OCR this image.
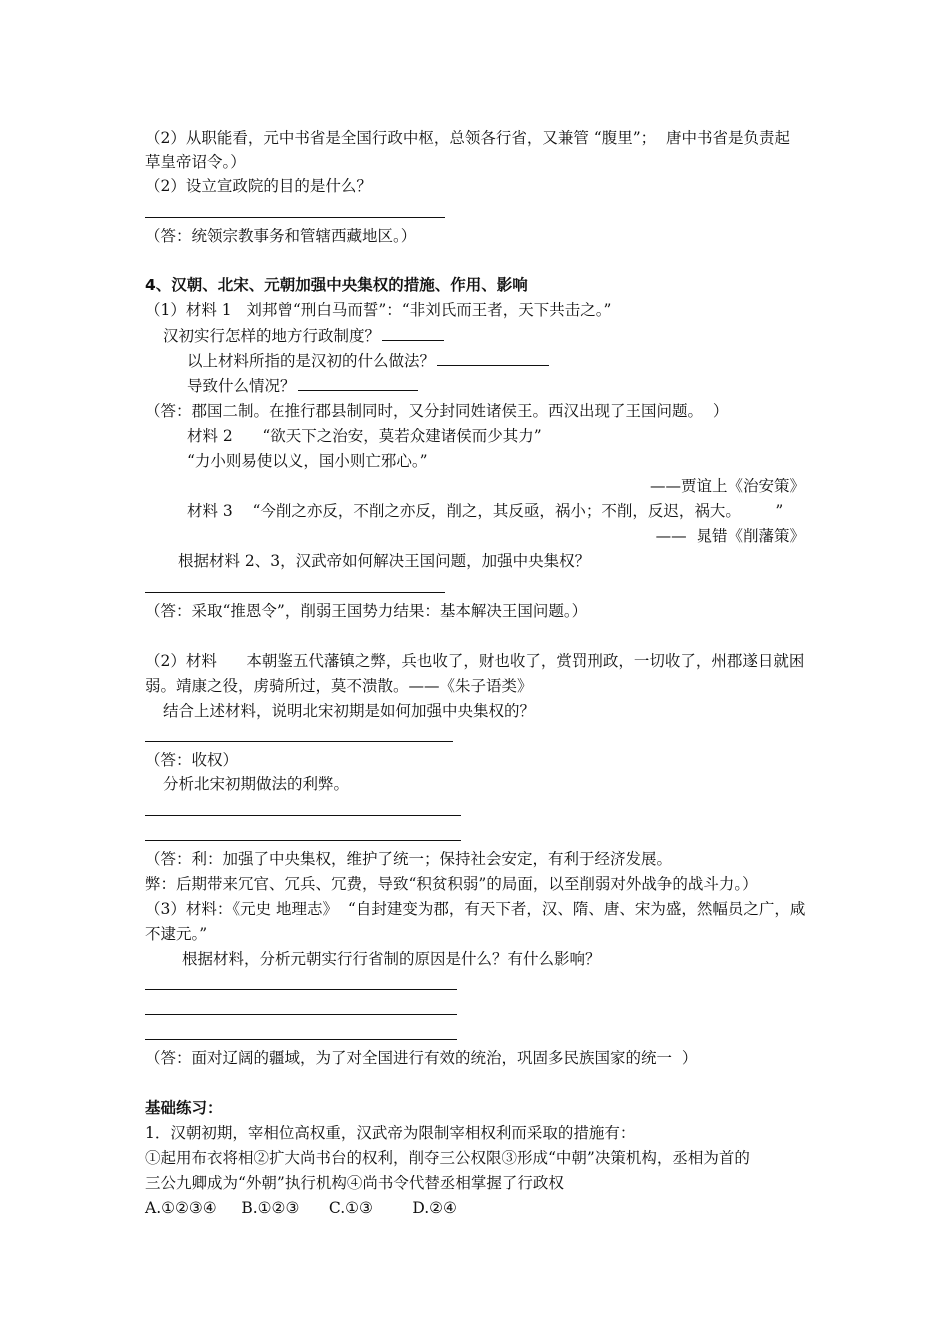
（2）从职能看，元中书省是全国行政中枢，总领各行省，又兼管 “腹里”；  唐中书省是负责起
草皇帝诏令。）
（2）设立宣政院的目的是什么？
（答：统领宗教事务和管辖西藏地区。）
4、汉朝、北宋、元朝加强中央集权的措施、作用、影响
（1）材料 1   刘邦曾“刑白马而誓”：“非刘氏而王者，天下共击之。”
汉初实行怎样的地方行政制度？
以上材料所指的是汉初的什么做法？
导致什么情况？
（答：郡国二制。在推行郡县制同时，又分封同姓诸侯王。西汉出现了王国问题。  ）
材料 2      “欲天下之治安，莫若众建诸侯而少其力”
“力小则易使以义，国小则亡邪心。”
——贾谊上《治安策》
材料 3    “今削之亦反，不削之亦反，削之，其反亟，祸小；不削，反迟，祸大。       ”
——  晁错《削藩策》
根据材料 2、3，汉武帝如何解决王国问题，加强中央集权？
（答：采取“推恩令”，削弱王国势力结果：基本解决王国问题。）
（2）材料      本朝鉴五代藩镇之弊，兵也收了，财也收了，赏罚刑政，一切收了，州郡遂日就困
弱。靖康之役，虏骑所过，莫不溃散。——《朱子语类》
结合上述材料，说明北宋初期是如何加强中央集权的？
（答：收权）
分析北宋初期做法的利弊。
（答：利：加强了中央集权，维护了统一；保持社会安定，有利于经济发展。
弊：后期带来冗官、冗兵、冗费，导致“积贫积弱”的局面，以至削弱对外战争的战斗力。）
（3）材料：《元史 地理志》  “自封建变为郡，有天下者，汉、隋、唐、宋为盛，然幅员之广，咸
不逮元。”
根据材料，分析元朝实行行省制的原因是什么？有什么影响？
（答：面对辽阔的疆域，为了对全国进行有效的统治，巩固多民族国家的统一  ）
基础练习：
1．汉朝初期，宰相位高权重，汉武帝为限制宰相权利而采取的措施有：
①起用布衣将相②扩大尚书台的权利，削夺三公权限③形成“中朝”决策机构，丞相为首的
三公九卿成为“外朝”执行机构④尚书令代替丞相掌握了行政权
A.①②③④     B.①②③      C.①③        D.②④
